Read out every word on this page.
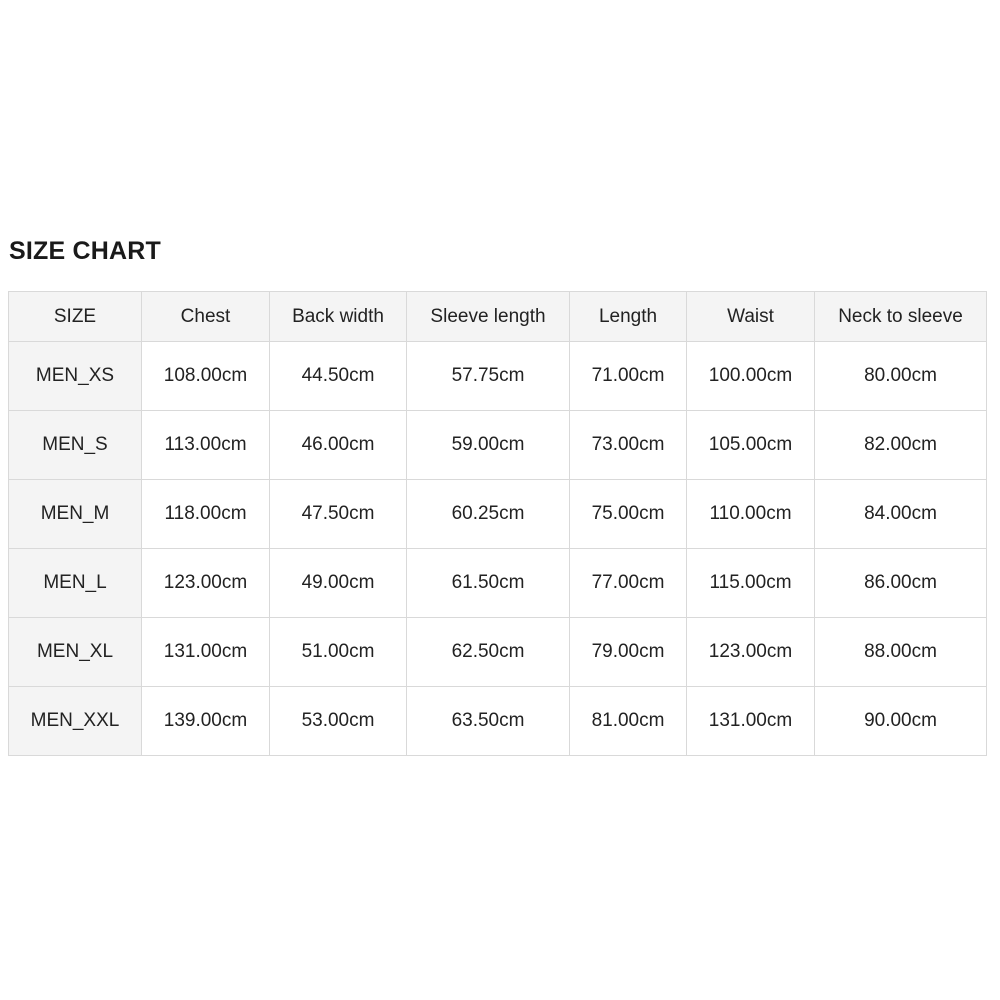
SIZE CHART
SIZE	Chest	Back width	Sleeve length	Length	Waist	Neck to sleeve
MEN_XS	108.00cm	44.50cm	57.75cm	71.00cm	100.00cm	80.00cm
MEN_S	113.00cm	46.00cm	59.00cm	73.00cm	105.00cm	82.00cm
MEN_M	118.00cm	47.50cm	60.25cm	75.00cm	110.00cm	84.00cm
MEN_L	123.00cm	49.00cm	61.50cm	77.00cm	115.00cm	86.00cm
MEN_XL	131.00cm	51.00cm	62.50cm	79.00cm	123.00cm	88.00cm
MEN_XXL	139.00cm	53.00cm	63.50cm	81.00cm	131.00cm	90.00cm
